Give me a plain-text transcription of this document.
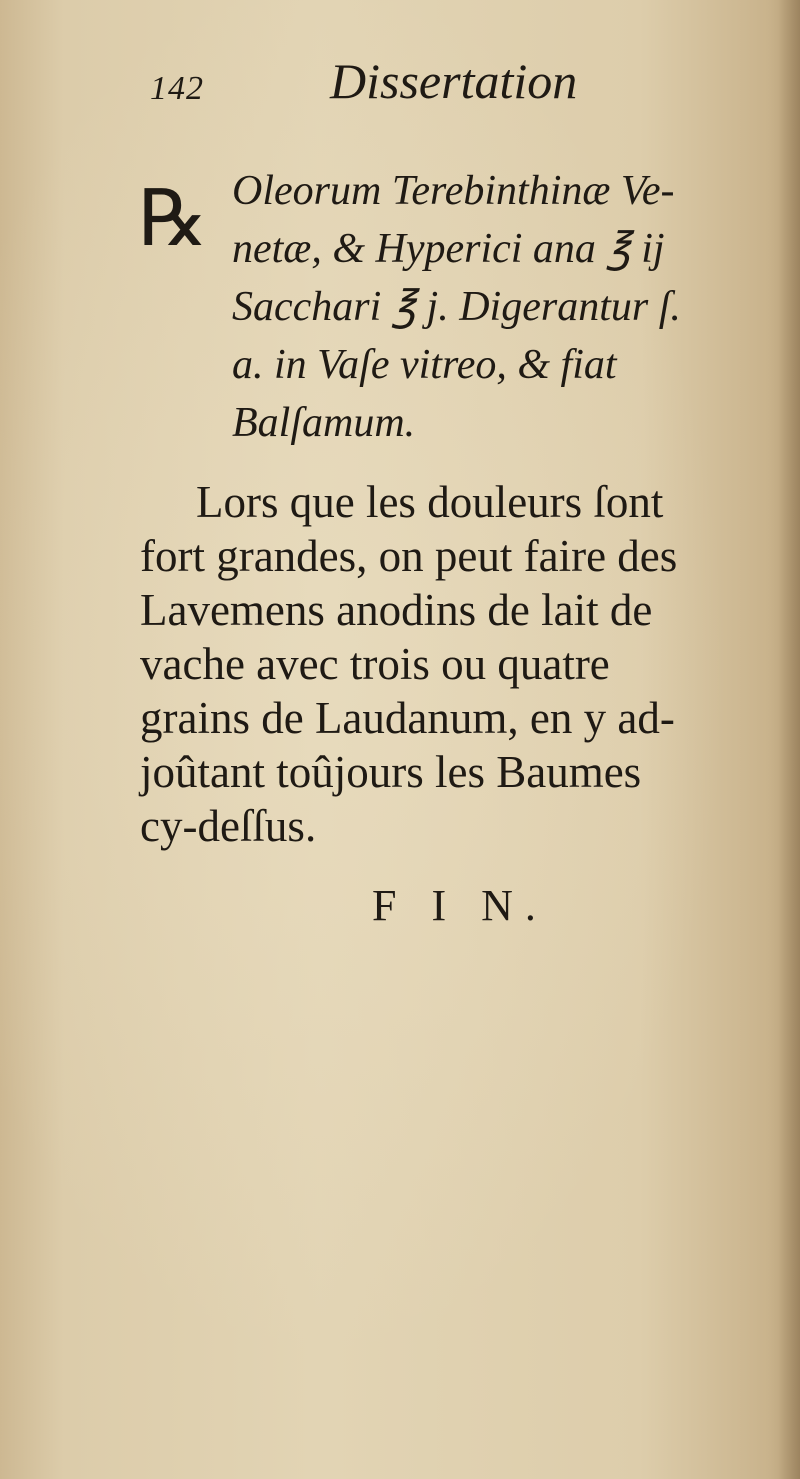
142	Dissertation
℞ Oleorum Terebinthinæ Ve-
netæ, & Hyperici ana ℥ ij
Sacchari ℥ j. Digerantur ſ.
a. in Vaſe vitreo, & fiat
Balſamum.
Lors que les douleurs ſont
fort grandes, on peut faire des
Lavemens anodins de lait de
vache avec trois ou quatre
grains de Laudanum, en y ad-
joûtant toûjours les Baumes
cy-deſſus.
F I N.
